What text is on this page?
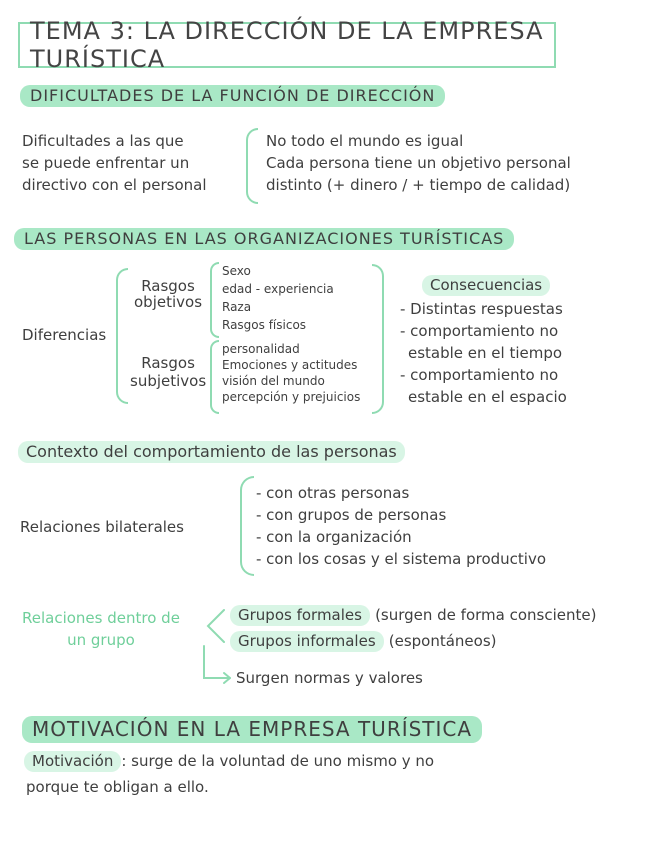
TEMA 3: LA DIRECCIÓN DE LA EMPRESA TURÍSTICA
DIFICULTADES DE LA FUNCIÓN DE DIRECCIÓN
Dificultades a las que
se puede enfrentar un
directivo con el personal
No todo el mundo es igual
Cada persona tiene un objetivo personal
distinto (+ dinero / + tiempo de calidad)
LAS PERSONAS EN LAS ORGANIZACIONES TURÍSTICAS
Diferencias
Rasgos
objetivos
Sexo
edad - experiencia
Raza
Rasgos físicos
Rasgos
subjetivos
personalidad
Emociones y actitudes
visión del mundo
percepción y prejuicios
Consecuencias
- Distintas respuestas
- comportamiento no
estable en el tiempo
- comportamiento no
estable en el espacio
Contexto del comportamiento de las personas
Relaciones bilaterales
- con otras personas
- con grupos de personas
- con la organización
- con los cosas y el sistema productivo
Relaciones dentro de
un grupo
Grupos formales (surgen de forma consciente)
Grupos informales (espontáneos)
Surgen normas y valores
MOTIVACIÓN EN LA EMPRESA TURÍSTICA
Motivación : surge de la voluntad de uno mismo y no
porque te obligan a ello.
